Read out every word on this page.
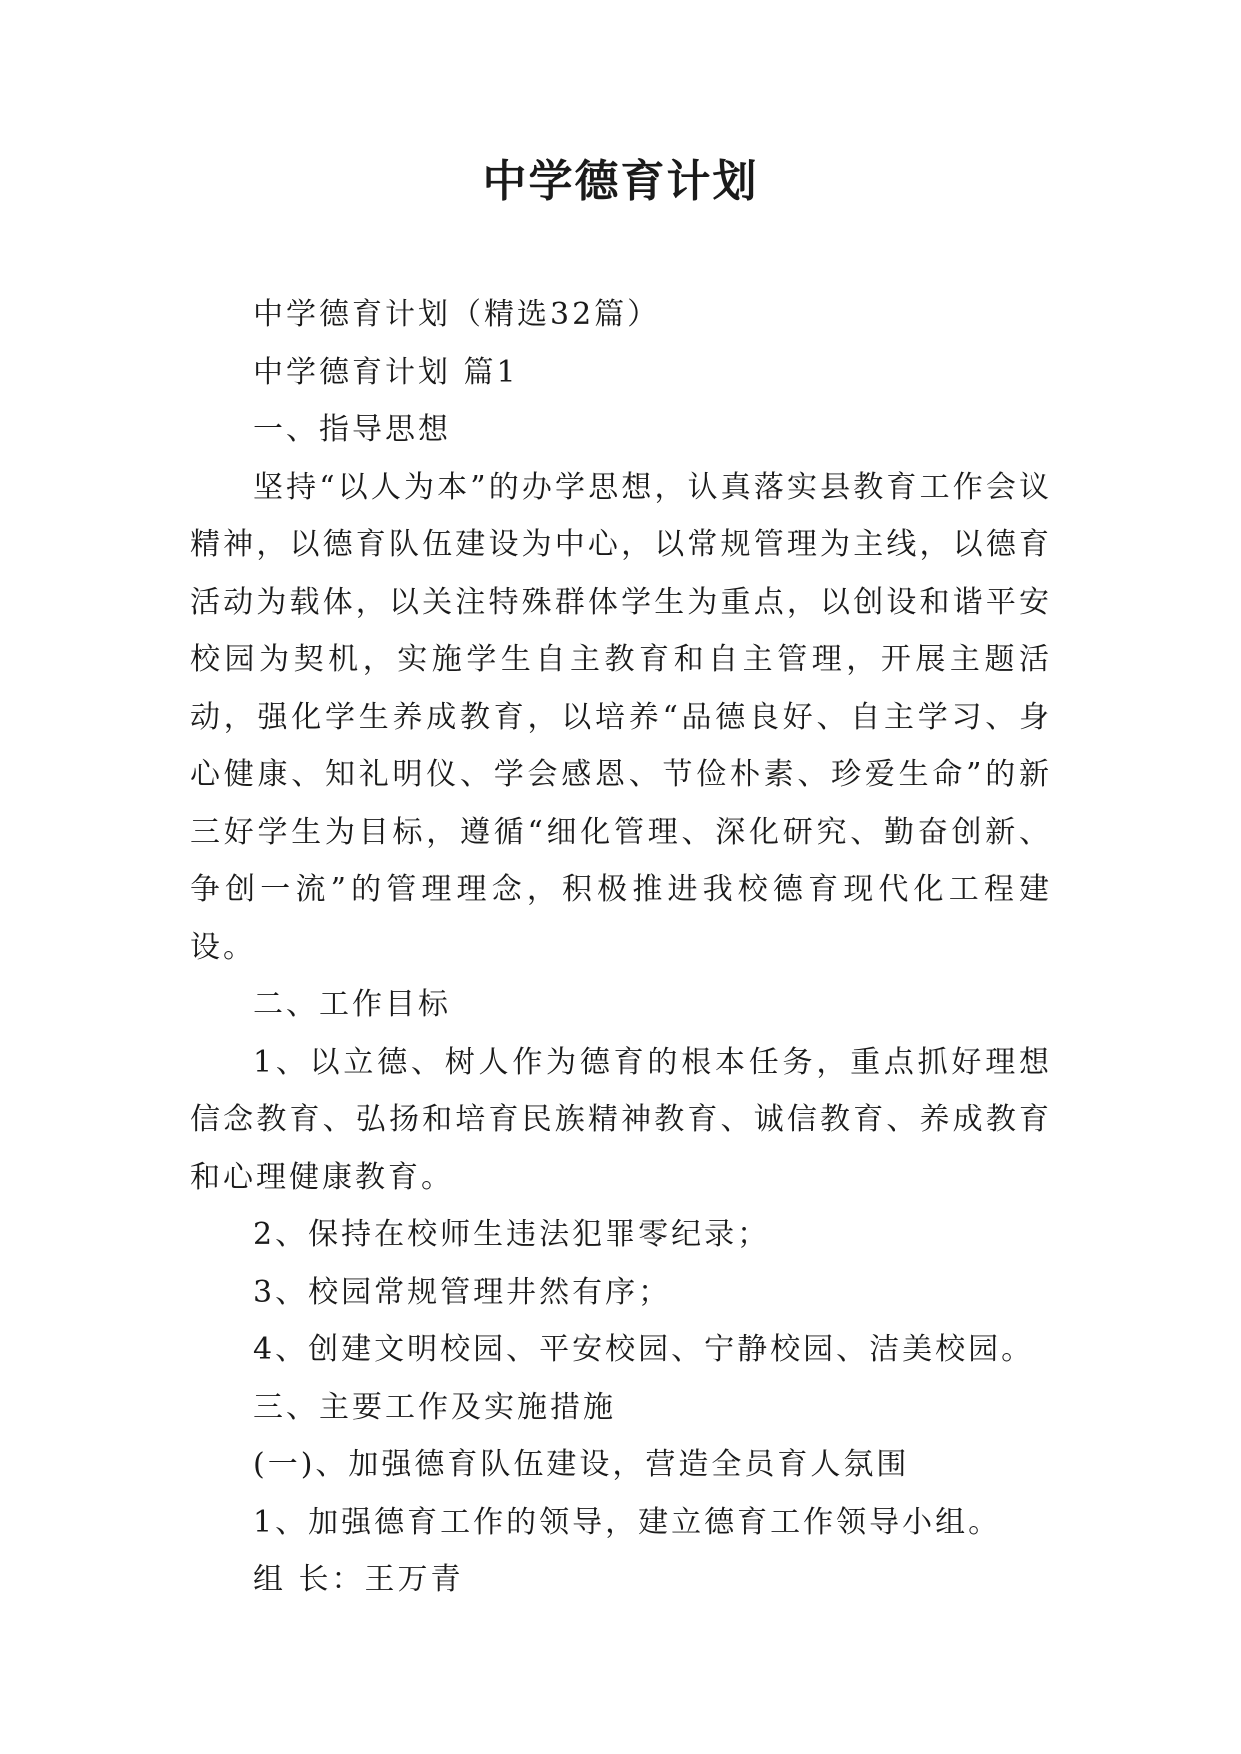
中学德育计划

中学德育计划（精选32篇）

中学德育计划 篇1

一、指导思想

坚持“以人为本”的办学思想，认真落实县教育工作会议精神，以德育队伍建设为中心，以常规管理为主线，以德育活动为载体，以关注特殊群体学生为重点，以创设和谐平安校园为契机，实施学生自主教育和自主管理，开展主题活动，强化学生养成教育，以培养“品德良好、自主学习、身心健康、知礼明仪、学会感恩、节俭朴素、珍爱生命”的新三好学生为目标，遵循“细化管理、深化研究、勤奋创新、争创一流”的管理理念，积极推进我校德育现代化工程建设。

二、工作目标

1、以立德、树人作为德育的根本任务，重点抓好理想信念教育、弘扬和培育民族精神教育、诚信教育、养成教育和心理健康教育。

2、保持在校师生违法犯罪零纪录；

3、校园常规管理井然有序；

4、创建文明校园、平安校园、宁静校园、洁美校园。

三、主要工作及实施措施

(一)、加强德育队伍建设，营造全员育人氛围

1、加强德育工作的领导，建立德育工作领导小组。

组 长：王万青
